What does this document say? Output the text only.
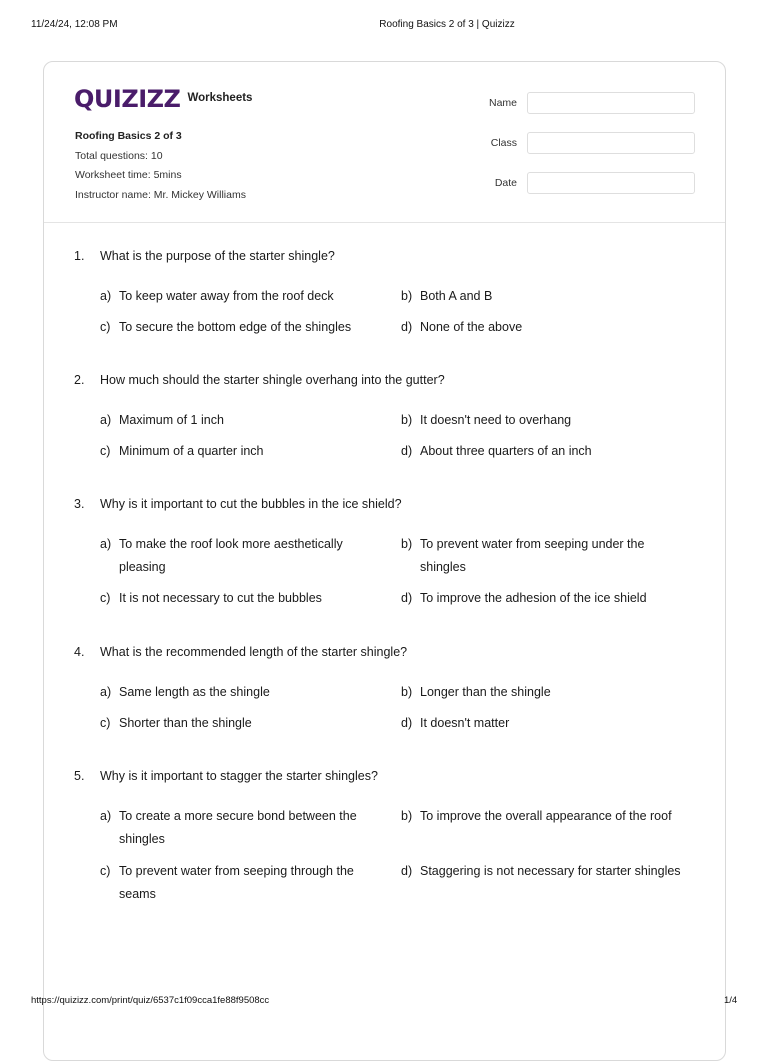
11/24/24, 12:08 PM	Roofing Basics 2 of 3 | Quizizz
QUIZIZZ Worksheets
Roofing Basics 2 of 3
Total questions: 10
Worksheet time: 5mins
Instructor name: Mr. Mickey Williams
Name
Class
Date
1. What is the purpose of the starter shingle?
a) To keep water away from the roof deck	b) Both A and B
c) To secure the bottom edge of the shingles	d) None of the above
2. How much should the starter shingle overhang into the gutter?
a) Maximum of 1 inch	b) It doesn't need to overhang
c) Minimum of a quarter inch	d) About three quarters of an inch
3. Why is it important to cut the bubbles in the ice shield?
a) To make the roof look more aesthetically pleasing
b) To prevent water from seeping under the shingles
c) It is not necessary to cut the bubbles	d) To improve the adhesion of the ice shield
4. What is the recommended length of the starter shingle?
a) Same length as the shingle	b) Longer than the shingle
c) Shorter than the shingle	d) It doesn't matter
5. Why is it important to stagger the starter shingles?
a) To create a more secure bond between the shingles
b) To improve the overall appearance of the roof
c) To prevent water from seeping through the seams
d) Staggering is not necessary for starter shingles
https://quizizz.com/print/quiz/6537c1f09cca1fe88f9508cc	1/4
